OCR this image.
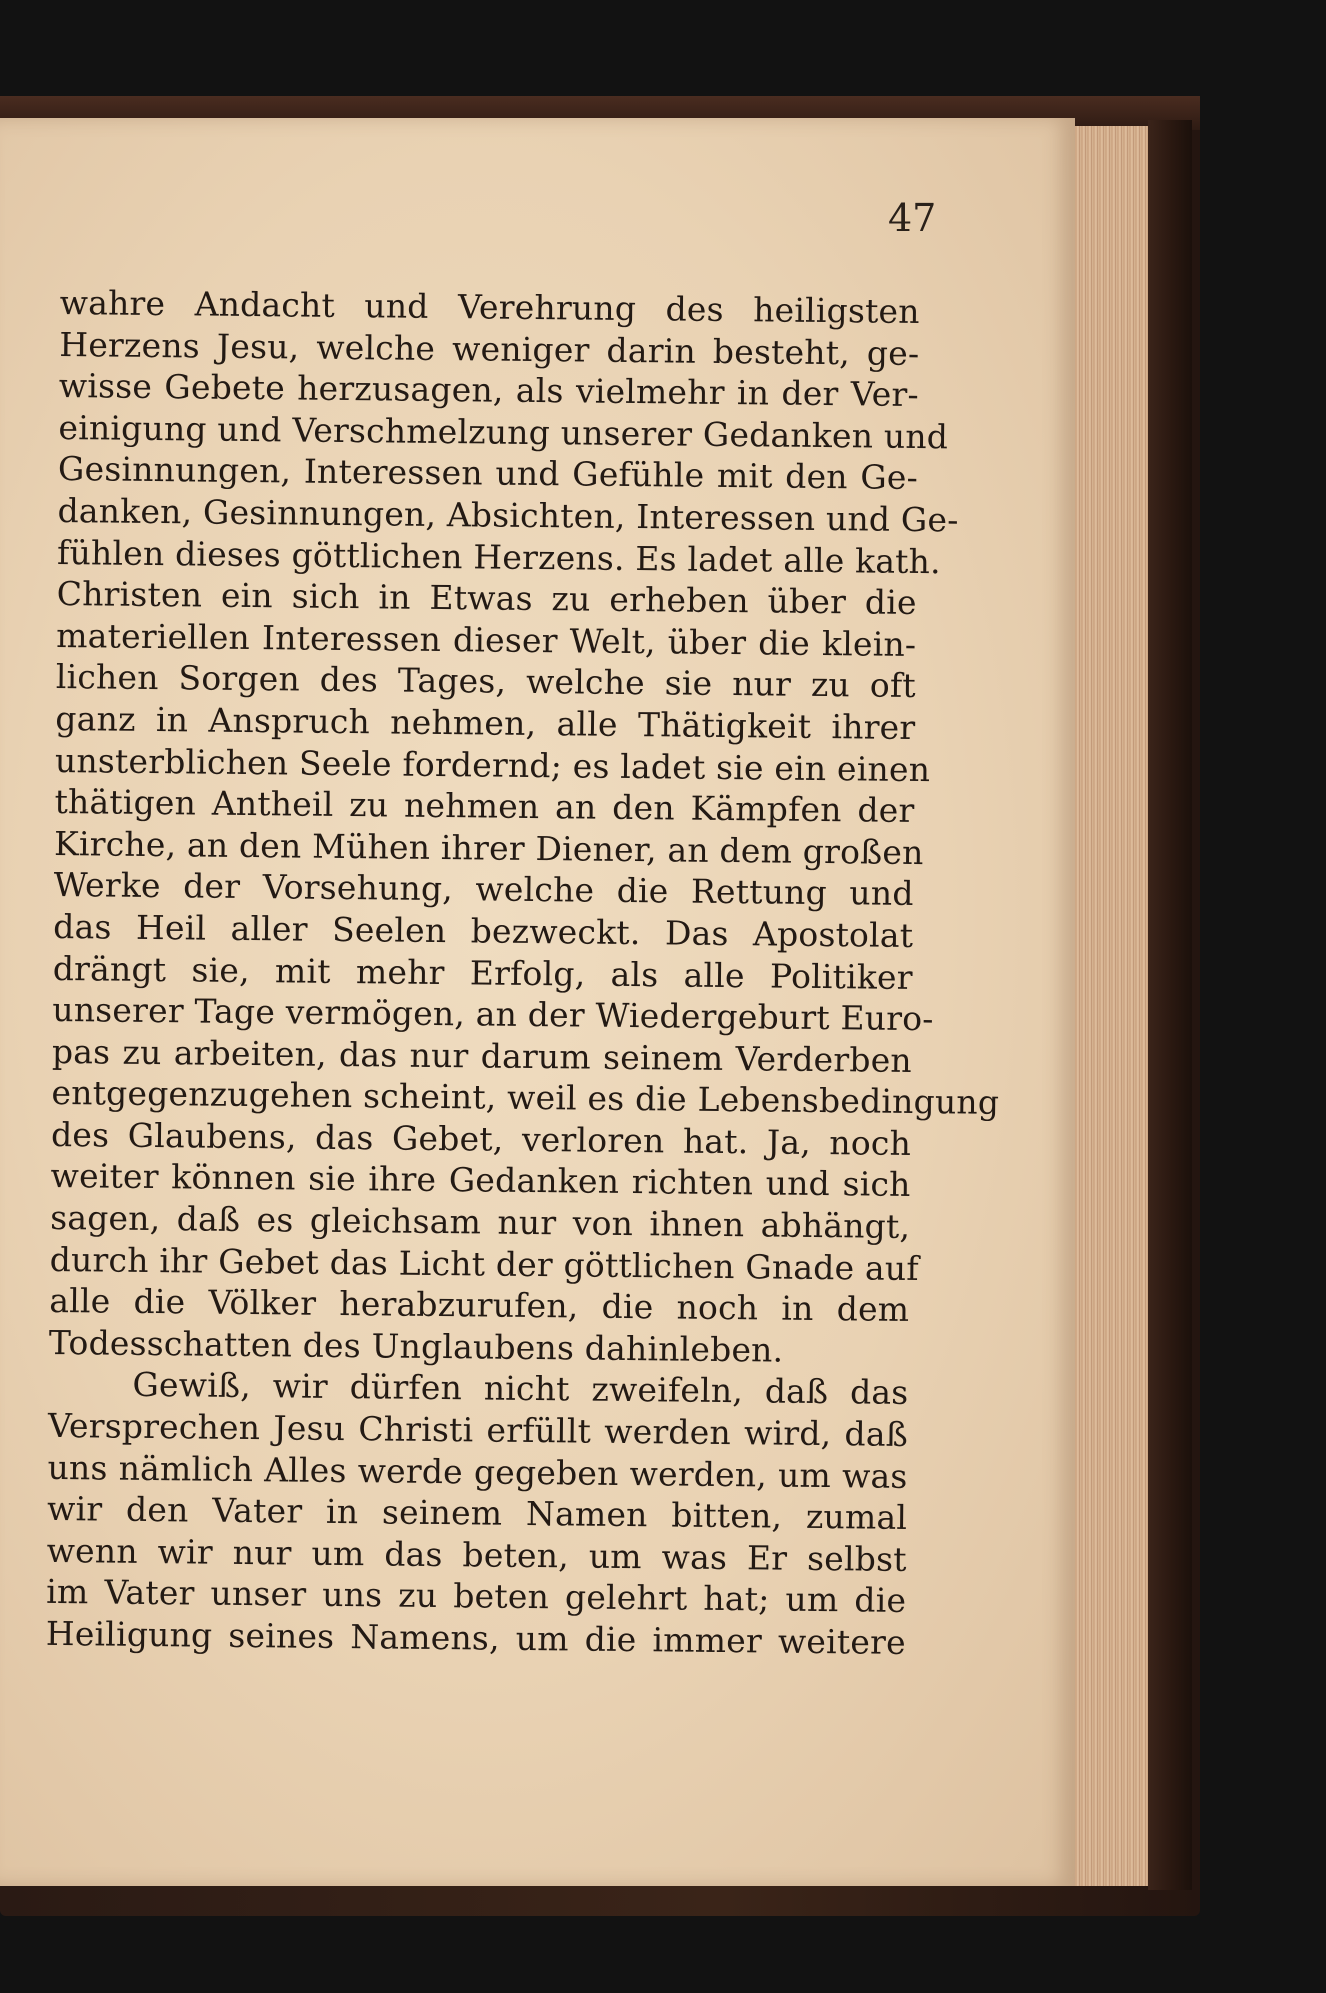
47
wahre Andacht und Verehrung des heiligsten
Herzens Jesu, welche weniger darin besteht, ge-
wisse Gebete herzusagen, als vielmehr in der Ver-
einigung und Verschmelzung unserer Gedanken und
Gesinnungen, Interessen und Gefühle mit den Ge-
danken, Gesinnungen, Absichten, Interessen und Ge-
fühlen dieses göttlichen Herzens. Es ladet alle kath.
Christen ein sich in Etwas zu erheben über die
materiellen Interessen dieser Welt, über die klein-
lichen Sorgen des Tages, welche sie nur zu oft
ganz in Anspruch nehmen, alle Thätigkeit ihrer
unsterblichen Seele fordernd; es ladet sie ein einen
thätigen Antheil zu nehmen an den Kämpfen der
Kirche, an den Mühen ihrer Diener, an dem großen
Werke der Vorsehung, welche die Rettung und
das Heil aller Seelen bezweckt. Das Apostolat
drängt sie, mit mehr Erfolg, als alle Politiker
unserer Tage vermögen, an der Wiedergeburt Euro-
pas zu arbeiten, das nur darum seinem Verderben
entgegenzugehen scheint, weil es die Lebensbedingung
des Glaubens, das Gebet, verloren hat. Ja, noch
weiter können sie ihre Gedanken richten und sich
sagen, daß es gleichsam nur von ihnen abhängt,
durch ihr Gebet das Licht der göttlichen Gnade auf
alle die Völker herabzurufen, die noch in dem
Todesschatten des Unglaubens dahinleben.
Gewiß, wir dürfen nicht zweifeln, daß das
Versprechen Jesu Christi erfüllt werden wird, daß
uns nämlich Alles werde gegeben werden, um was
wir den Vater in seinem Namen bitten, zumal
wenn wir nur um das beten, um was Er selbst
im Vater unser uns zu beten gelehrt hat; um die
Heiligung seines Namens, um die immer weitere
